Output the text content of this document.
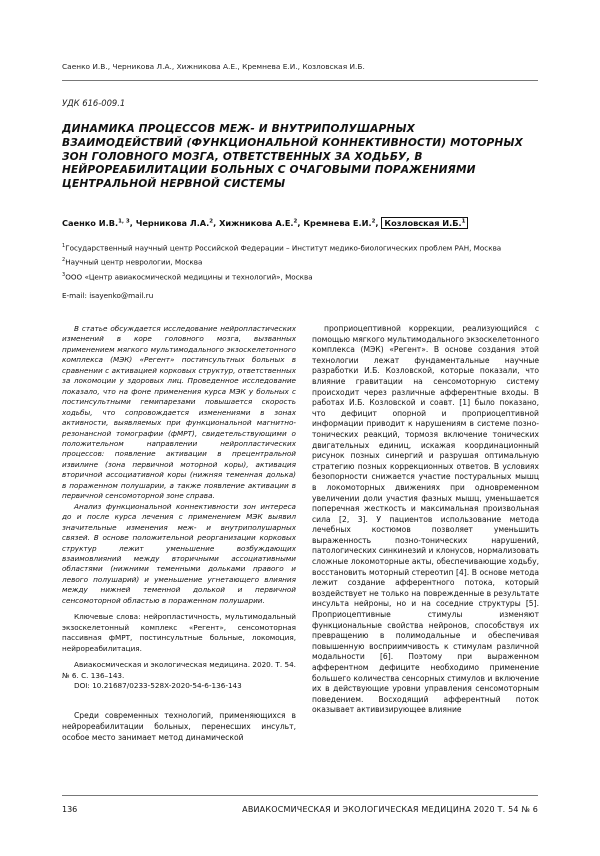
Саенко И.В., Черникова Л.А., Хижникова А.Е., Кремнева Е.И., Козловская И.Б.
УДК 616-009.1
ДИНАМИКА ПРОЦЕССОВ МЕЖ- И ВНУТРИПОЛУШАРНЫХ ВЗАИМОДЕЙСТВИЙ (ФУНКЦИОНАЛЬНОЙ КОННЕКТИВНОСТИ) МОТОРНЫХ ЗОН ГОЛОВНОГО МОЗГА, ОТВЕТСТВЕННЫХ ЗА ХОДЬБУ, В НЕЙРОРЕАБИЛИТАЦИИ БОЛЬНЫХ С ОЧАГОВЫМИ ПОРАЖЕНИЯМИ ЦЕНТРАЛЬНОЙ НЕРВНОЙ СИСТЕМЫ
Саенко И.В.$^{1, 3}$, Черникова Л.А.$^2$, Хижникова А.Е.$^2$, Кремнева Е.И.$^2$, Козловская И.Б.$^1$
$^1$Государственный научный центр Российской Федерации – Институт медико-биологических проблем РАН, Москва
$^2$Научный центр неврологии, Москва
$^3$ООО «Центр авиакосмической медицины и технологий», Москва
E-mail: isayenko@mail.ru

В статье обсуждается исследование нейропластических изменений в коре головного мозга, вызванных применением мягкого мультимодального экзоскелетонного комплекса (МЭК) «Регент» постинсультных больных в сравнении с активацией корковых структур, ответственных за локомоции у здоровых лиц. Проведенное исследование показало, что на фоне применения курса МЭК у больных с постинсультными гемипарезами повышается скорость ходьбы, что сопровождается изменениями в зонах активности, выявляемых при функциональной магнитно-резонансной томографии (фМРТ), свидетельствующими о положительном направлении нейропластических процессов: появление активации в прецентральной извилине (зона первичной моторной коры), активация вторичной ассоциативной коры (нижняя теменная долька) в пораженном полушарии, а также появление активации в первичной сенсомоторной зоне справа.

Анализ функциональной коннективности зон интереса до и после курса лечения с применением МЭК выявил значительные изменения меж- и внутриполушарных связей. В основе положительной реорганизации корковых структур лежит уменьшение возбуждающих взаимовлияний между вторичными ассоциативными областями (нижними теменными дольками правого и левого полушарий) и уменьшение угнетающего влияния между нижней теменной долькой и первичной сенсомоторной областью в пораженном полушарии.

Ключевые слова: нейропластичность, мультимодальный экзоскелетонный комплекс «Регент», сенсомоторная пассивная фМРТ, постинсультные больные, локомоция, нейрореабилитация.

Авиакосмическая и экологическая медицина. 2020. Т. 54. № 6. С. 136–143.

DOI: 10.21687/0233-528X-2020-54-6-136-143

Среди современных технологий, применяющихся в нейрореабилитации больных, перенесших инсульт, особое место занимает метод динамической

проприоцептивной коррекции, реализующийся с помощью мягкого мультимодального экзоскелетонного комплекса (МЭК) «Регент». В основе создания этой технологии лежат фундаментальные научные разработки И.Б. Козловской, которые показали, что влияние гравитации на сенсомоторную систему происходит через различные афферентные входы. В работах И.Б. Козловской и соавт. [1] было показано, что дефицит опорной и проприоцептивной информации приводит к нарушениям в системе позно-тонических реакций, тормозя включение тонических двигательных единиц, искажая координационный рисунок позных синергий и разрушая оптимальную стратегию позных коррекционных ответов. В условиях безопорности снижается участие постуральных мышц в локомоторных движениях при одновременном увеличении доли участия фазных мышц, уменьшается поперечная жесткость и максимальная произвольная сила [2, 3]. У пациентов использование метода лечебных костюмов позволяет уменьшить выраженность позно-тонических нарушений, патологических синкинезий и клонусов, нормализовать сложные локомоторные акты, обеспечивающие ходьбу, восстановить моторный стереотип [4]. В основе метода лежит создание афферентного потока, который воздействует не только на поврежденные в результате инсульта нейроны, но и на соседние структуры [5]. Проприоцептивные стимулы изменяют функциональные свойства нейронов, способствуя их превращению в полимодальные и обеспечивая повышенную восприимчивость к стимулам различной модальности [6]. Поэтому при выраженном афферентном дефиците необходимо применение большего количества сенсорных стимулов и включение их в действующие уровни управления сенсомоторным поведением. Восходящий афферентный поток оказывает активизирующее влияние

136	АВИАКОСМИЧЕСКАЯ И ЭКОЛОГИЧЕСКАЯ МЕДИЦИНА 2020 Т. 54 № 6
